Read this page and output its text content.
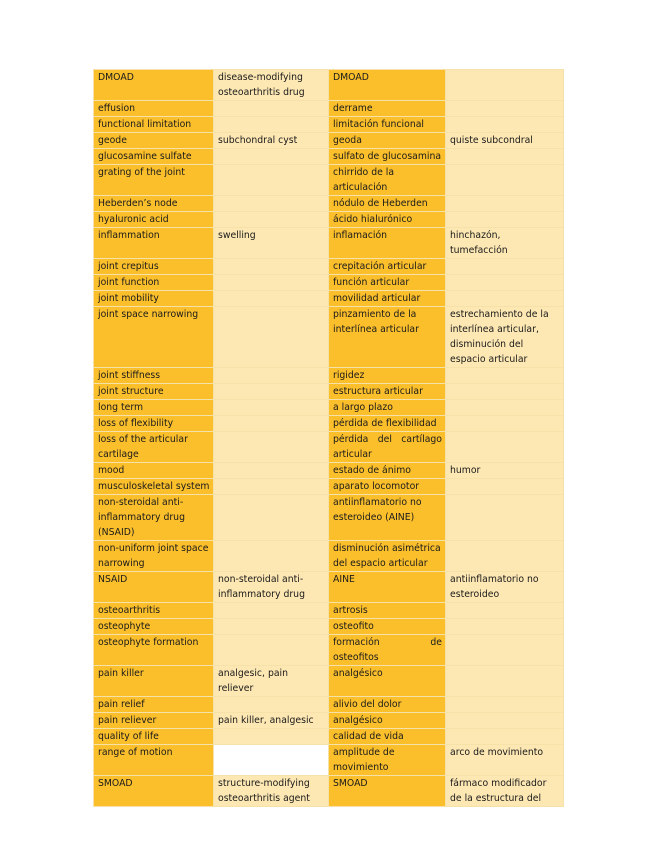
DMOAD	disease-modifying osteoarthritis drug	DMOAD	
effusion		derrame	
functional limitation		limitación funcional	
geode	subchondral cyst	geoda	quiste subcondral
glucosamine sulfate		sulfato de glucosamina	
grating of the joint		chirrido de la articulación	
Heberden’s node		nódulo de Heberden	
hyaluronic acid		ácido hialurónico	
inflammation	swelling	inflamación	hinchazón, tumefacción
joint crepitus		crepitación articular	
joint function		función articular	
joint mobility		movilidad articular	
joint space narrowing		pinzamiento de la interlínea articular	estrechamiento de la interlínea articular, disminución del espacio articular
joint stiffness		rigidez	
joint structure		estructura articular	
long term		a largo plazo	
loss of flexibility		pérdida de flexibilidad	
loss of the articular cartilage		pérdida del cartílago articular	
mood		estado de ánimo	humor
musculoskeletal system		aparato locomotor	
non-steroidal anti-inflammatory drug (NSAID)		antiinflamatorio no esteroideo (AINE)	
non-uniform joint space narrowing		disminución asimétrica del espacio articular	
NSAID	non-steroidal anti-inflammatory drug	AINE	antiinflamatorio no esteroideo
osteoarthritis		artrosis	
osteophyte		osteofito	
osteophyte formation		formación de osteofitos	
pain killer	analgesic, pain reliever	analgésico	
pain relief		alivio del dolor	
pain reliever	pain killer, analgesic	analgésico	
quality of life		calidad de vida	
range of motion		amplitude de movimiento	arco de movimiento
SMOAD	structure-modifying osteoarthritis agent	SMOAD	fármaco modificador de la estructura del
